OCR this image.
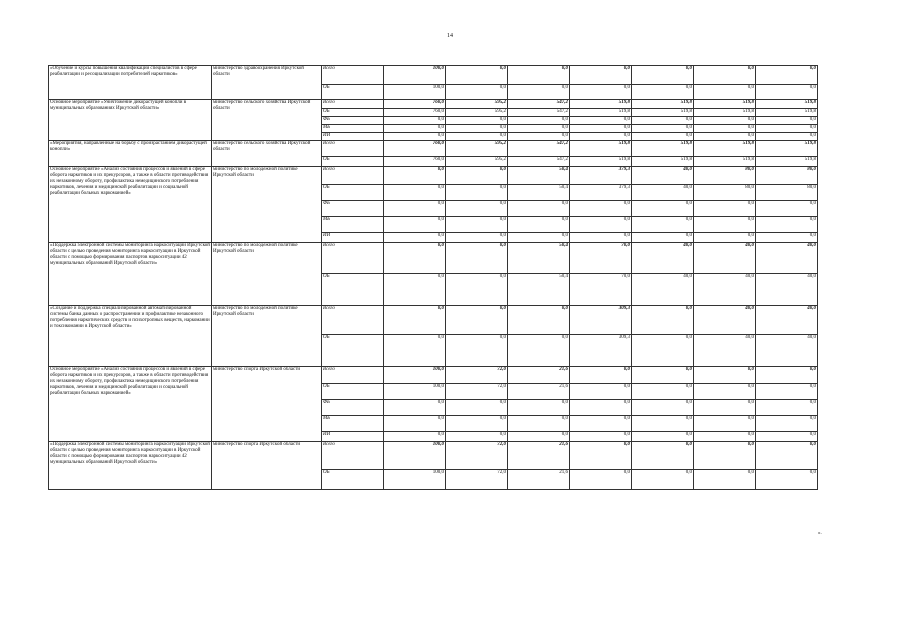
14
«Обучение и курсы повышения квалификации специалистов в сфере реабилитации и ресоциализации потребителей наркотиков»	министерство здравоохранения Иркутской области	Всего	100,0	0,0	0,0	0,0	0,0	0,0	0,0
		ОБ	100,0	0,0	0,0	0,0	0,0	0,0	0,0
Основное мероприятие «Уничтожение дикорастущей конопли в муниципальных образованиях Иркутской области»	министерство сельского хозяйства Иркутской области	Всего	760,0	595,2	547,2	519,8	519,8	519,8	519,8
		ОБ	760,0	595,2	547,2	519,8	519,8	519,8	519,8
		ФБ	0,0	0,0	0,0	0,0	0,0	0,0	0,0
		МБ	0,0	0,0	0,0	0,0	0,0	0,0	0,0
		ИИ	0,0	0,0	0,0	0,0	0,0	0,0	0,0
«Мероприятия, направленные на борьбу с произрастанием дикорастущей конопли»	министерство сельского хозяйства Иркутской области	Всего	760,0	595,2	547,2	519,8	519,8	519,8	519,8
		ОБ	760,0	595,2	547,2	519,8	519,8	519,8	519,8
Основное мероприятие «Анализ состояния процессов и явлений в сфере оборота наркотиков и их прекурсоров, а также в области противодействия их незаконному обороту, профилактика немедицинского потребления наркотиков, лечения и медицинской реабилитации и социальной реабилитации больных наркоманией»	министерство по молодежной политике Иркутской области	Всего	0,0	0,0	50,4	379,3	40,0	80,0	80,0
		ОБ	0,0	0,0	50,4	379,3	40,0	80,0	80,0
		ФБ	0,0	0,0	0,0	0,0	0,0	0,0	0,0
		МБ	0,0	0,0	0,0	0,0	0,0	0,0	0,0
		ИИ	0,0	0,0	0,0	0,0	0,0	0,0	0,0
«Поддержка электронной системы мониторинга наркоситуации Иркутской области с целью проведения мониторинга наркоситуации в Иркутской области с помощью формирования паспортов наркоситуации 42 муниципальных образований Иркутской области»	министерство по молодежной политике Иркутской области	Всего	0,0	0,0	50,4	70,0	40,0	40,0	40,0
		ОБ	0,0	0,0	50,4	70,0	40,0	40,0	40,0
«Создание и поддержка специализированной автоматизированной системы банка данных о распространении и профилактике незаконного потребления наркотических средств и психотропных веществ, наркомании и токсикомании в Иркутской области»	министерство по молодежной политике Иркутской области	Всего	0,0	0,0	0,0	309,3	0,0	40,0	40,0
		ОБ	0,0	0,0	0,0	309,3	0,0	40,0	40,0
Основное мероприятие «Анализ состояния процессов и явлений в сфере оборота наркотиков и их прекурсоров, а также в области противодействия их незаконному обороту, профилактика немедицинского потребления наркотиков, лечения и медицинской реабилитации и социальной реабилитации больных наркоманией»	министерство спорта Иркутской области	Всего	100,0	72,0	21,6	0,0	0,0	0,0	0,0
		ОБ	100,0	72,0	21,6	0,0	0,0	0,0	0,0
		ФБ	0,0	0,0	0,0	0,0	0,0	0,0	0,0
		МБ	0,0	0,0	0,0	0,0	0,0	0,0	0,0
		ИИ	0,0	0,0	0,0	0,0	0,0	0,0	0,0
«Поддержка электронной системы мониторинга наркоситуации Иркутской области с целью проведения мониторинга наркоситуации в Иркутской области с помощью формирования паспортов наркоситуации 42 муниципальных образований Иркутской области»	министерство спорта Иркутской области	Всего	100,0	72,0	21,6	0,0	0,0	0,0	0,0
		ОБ	100,0	72,0	21,6	0,0	0,0	0,0	0,0
».
